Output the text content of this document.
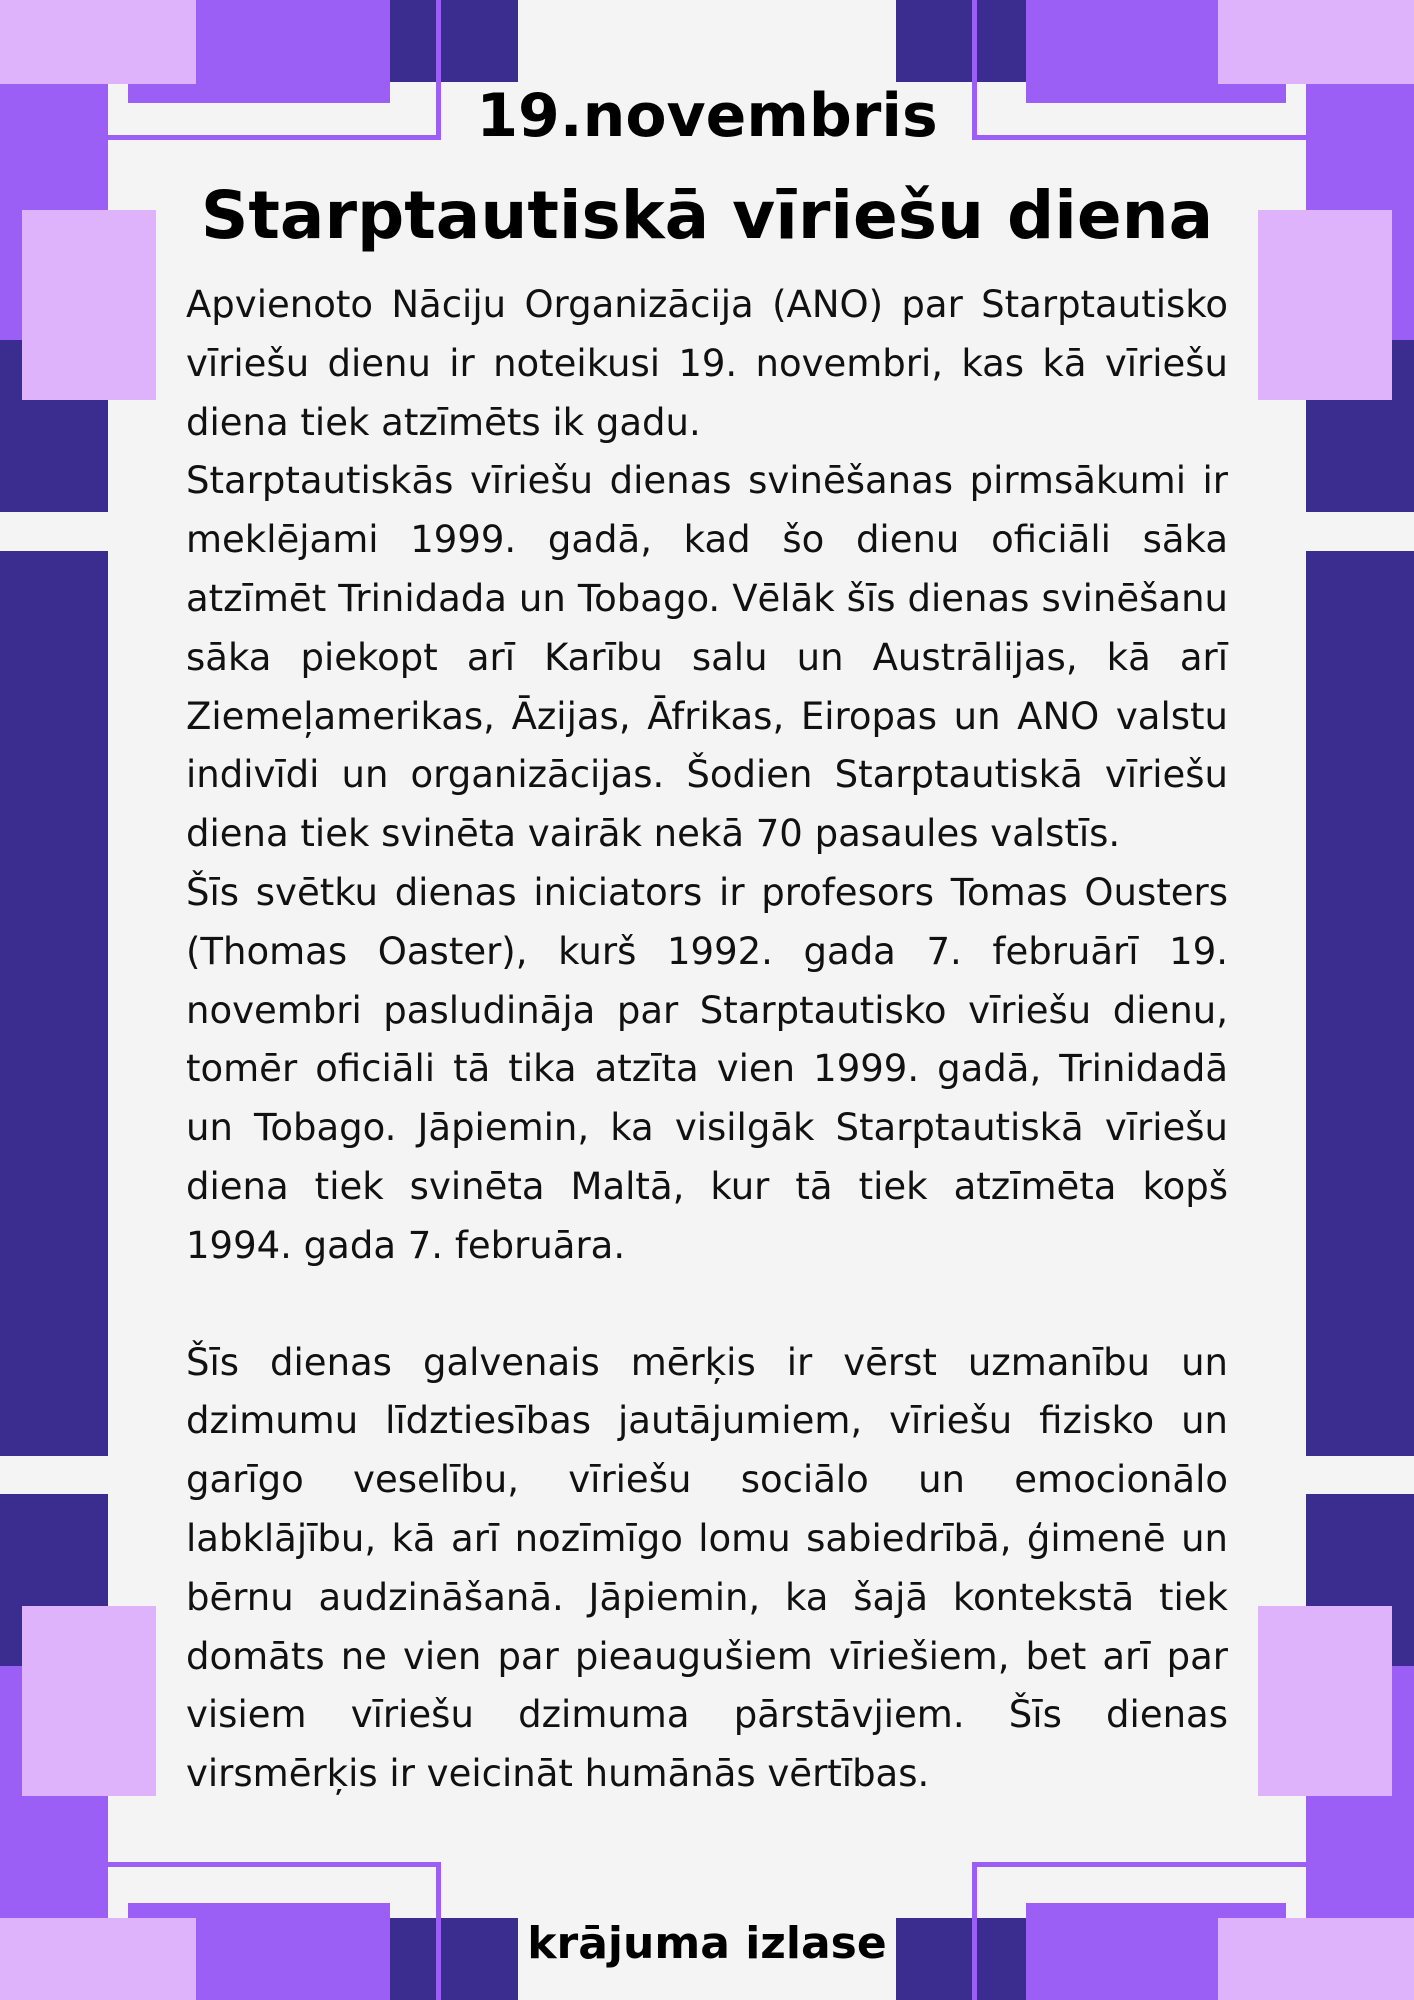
19.novembris
Starptautiskā vīriešu diena

Apvienoto Nāciju Organizācija (ANO) par Starptautisko vīriešu dienu ir noteikusi 19. novembri, kas kā vīriešu diena tiek atzīmēts ik gadu.

Starptautiskās vīriešu dienas svinēšanas pirmsākumi ir meklējami 1999. gadā, kad šo dienu oficiāli sāka atzīmēt Trinidada un Tobago. Vēlāk šīs dienas svinēšanu sāka piekopt arī Karību salu un Austrālijas, kā arī Ziemeļamerikas, Āzijas, Āfrikas, Eiropas un ANO valstu indivīdi un organizācijas. Šodien Starptautiskā vīriešu diena tiek svinēta vairāk nekā 70 pasaules valstīs.

Šīs svētku dienas iniciators ir profesors Tomas Ousters (Thomas Oaster), kurš 1992. gada 7. februārī 19. novembri pasludināja par Starptautisko vīriešu dienu, tomēr oficiāli tā tika atzīta vien 1999. gadā, Trinidadā un Tobago. Jāpiemin, ka visilgāk Starptautiskā vīriešu diena tiek svinēta Maltā, kur tā tiek atzīmēta kopš 1994. gada 7. februāra.

Šīs dienas galvenais mērķis ir vērst uzmanību un dzimumu līdztiesības jautājumiem, vīriešu fizisko un garīgo veselību, vīriešu sociālo un emocionālo labklājību, kā arī nozīmīgo lomu sabiedrībā, ģimenē un bērnu audzināšanā. Jāpiemin, ka šajā kontekstā tiek domāts ne vien par pieaugušiem vīriešiem, bet arī par visiem vīriešu dzimuma pārstāvjiem. Šīs dienas virsmērķis ir veicināt humānās vērtības.

krājuma izlase
